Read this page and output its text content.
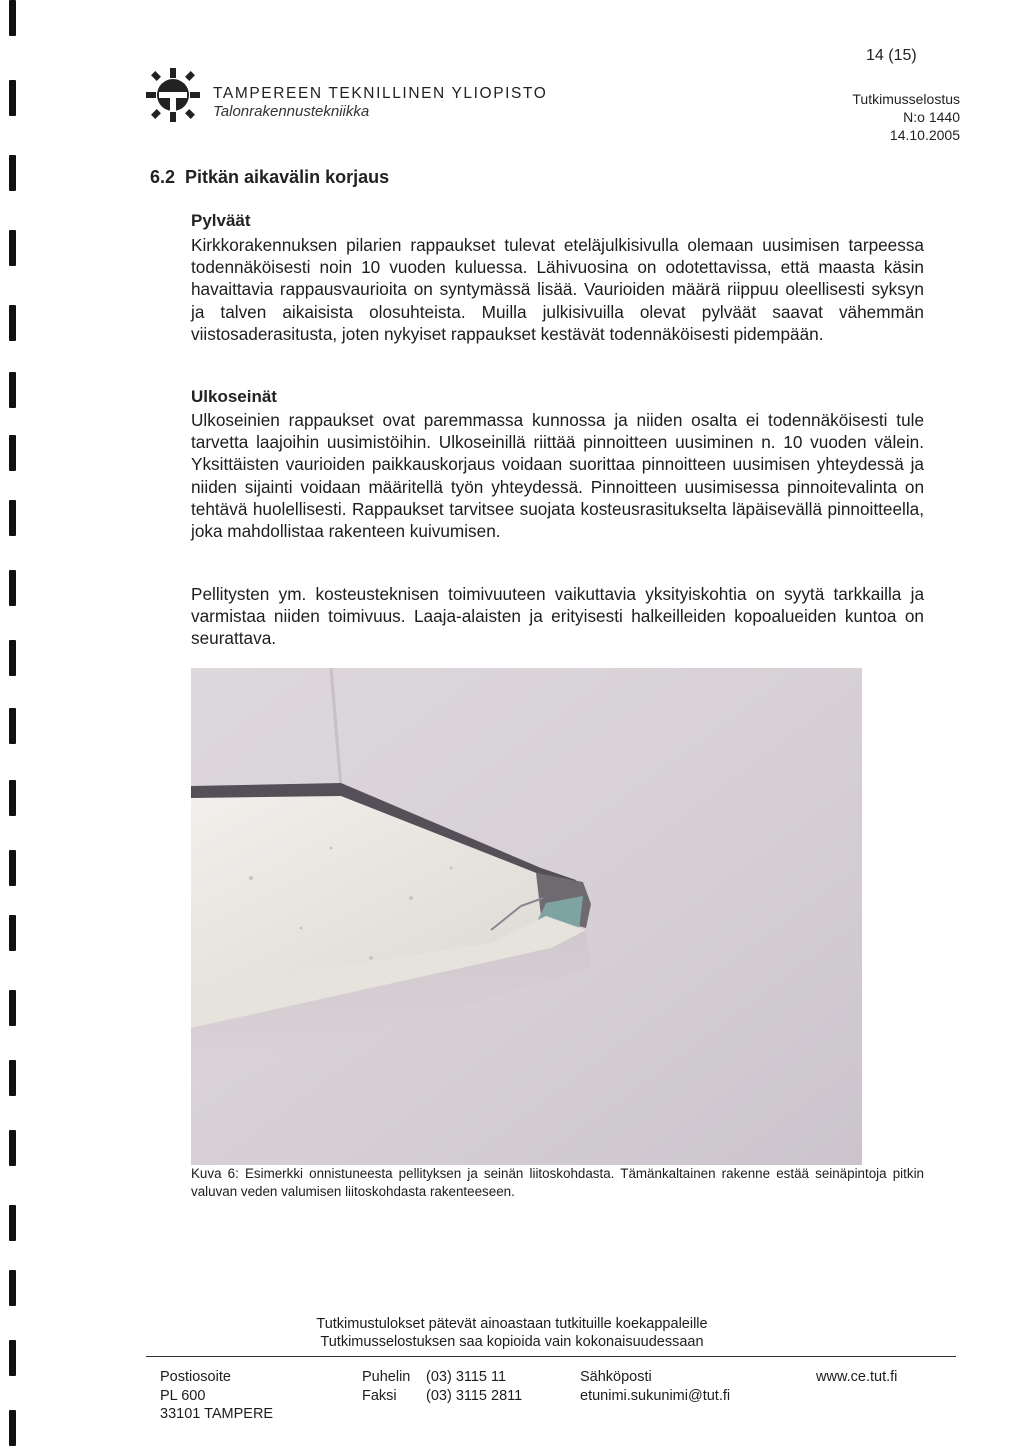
TAMPEREEN TEKNILLINEN YLIOPISTO
Talonrakennustekniikka
14 (15)
Tutkimusselostus
N:o 1440
14.10.2005
6.2  Pitkän aikavälin korjaus
Pylväät
Kirkkorakennuksen pilarien rappaukset tulevat eteläjulkisivulla olemaan uusimisen tarpeessa todennäköisesti noin 10 vuoden kuluessa. Lähivuosina on odotettavissa, että maasta käsin havaittavia rappausvaurioita on syntymässä lisää. Vaurioiden määrä riippuu oleellisesti syksyn ja talven aikaisista olosuhteista. Muilla julkisivuilla olevat pylväät saavat vähemmän viistosaderasitusta, joten nykyiset rappaukset kestävät todennäköisesti pidempään.
Ulkoseinät
Ulkoseinien rappaukset ovat paremmassa kunnossa ja niiden osalta ei todennäköisesti tule tarvetta laajoihin uusimistöihin. Ulkoseinillä riittää pinnoitteen uusiminen n. 10 vuoden välein. Yksittäisten vaurioiden paikkauskorjaus voidaan suorittaa pinnoitteen uusimisen yhteydessä ja niiden sijainti voidaan määritellä työn yhteydessä. Pinnoitteen uusimisessa pinnoitevalinta on tehtävä huolellisesti. Rappaukset tarvitsee suojata kosteusrasitukselta läpäisevällä pinnoitteella, joka mahdollistaa rakenteen kuivumisen.
Pellitysten ym. kosteusteknisen toimivuuteen vaikuttavia yksityiskohtia on syytä tarkkailla ja varmistaa niiden toimivuus. Laaja-alaisten ja erityisesti halkeilleiden kopoalueiden kuntoa on seurattava.
Kuva 6: Esimerkki onnistuneesta pellityksen ja seinän liitoskohdasta. Tämänkaltainen rakenne estää seinäpintoja pitkin valuvan veden valumisen liitoskohdasta rakenteeseen.
Tutkimustulokset pätevät ainoastaan tutkituille koekappaleille
Tutkimusselostuksen saa kopioida vain kokonaisuudessaan
Postiosoite
PL 600
33101 TAMPERE
Puhelin (03) 3115 11
Faksi (03) 3115 2811
Sähköposti
etunimi.sukunimi@tut.fi
www.ce.tut.fi
